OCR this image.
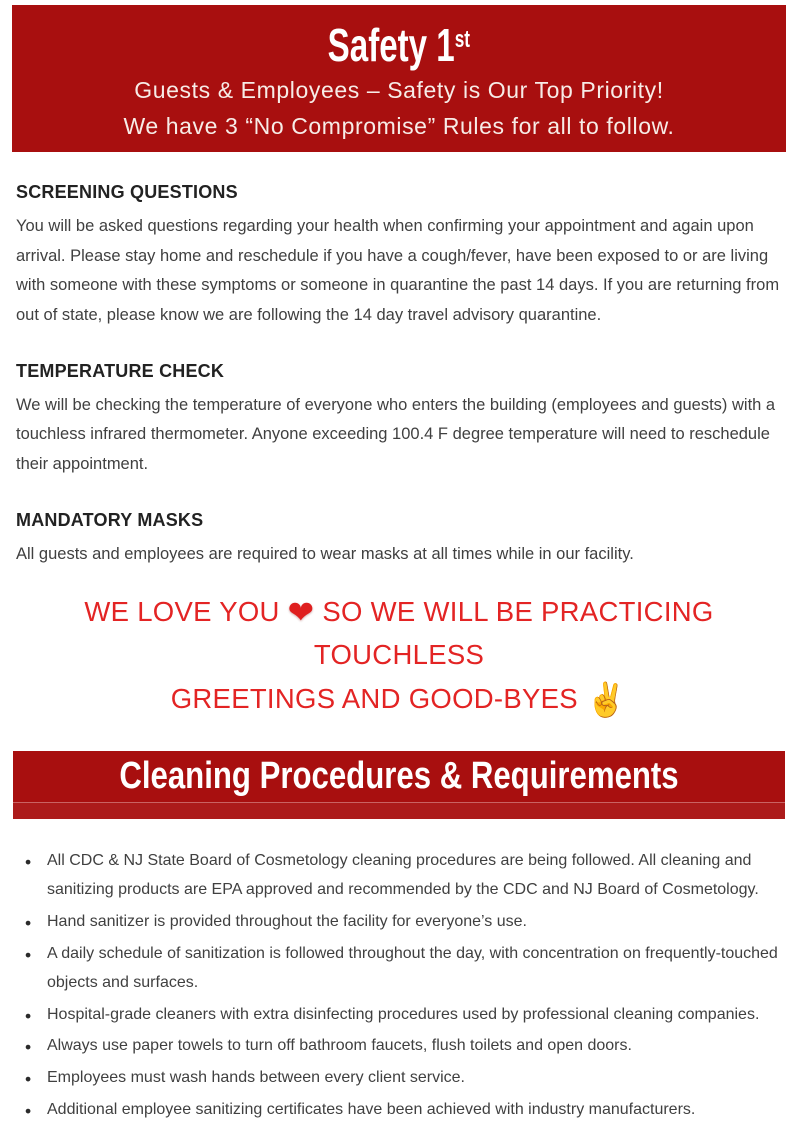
Safety 1st
Guests & Employees – Safety is Our Top Priority!
We have 3 “No Compromise” Rules for all to follow.
SCREENING QUESTIONS

You will be asked questions regarding your health when confirming your appointment and again upon arrival. Please stay home and reschedule if you have a cough/fever, have been exposed to or are living with someone with these symptoms or someone in quarantine the past 14 days. If you are returning from out of state, please know we are following the 14 day travel advisory quarantine.

TEMPERATURE CHECK

We will be checking the temperature of everyone who enters the building (employees and guests) with a touchless infrared thermometer. Anyone exceeding 100.4 F degree temperature will need to reschedule their appointment.

MANDATORY MASKS

All guests and employees are required to wear masks at all times while in our facility.

WE LOVE YOU ❤ SO WE WILL BE PRACTICING TOUCHLESS
GREETINGS AND GOOD-BYES ✌
Cleaning Procedures & Requirements
•
All CDC & NJ State Board of Cosmetology cleaning procedures are being followed. All cleaning and sanitizing products are EPA approved and recommended by the CDC and NJ Board of Cosmetology.
•
Hand sanitizer is provided throughout the facility for everyone’s use.
•
A daily schedule of sanitization is followed throughout the day, with concentration on frequently-touched objects and surfaces.
•
Hospital-grade cleaners with extra disinfecting procedures used by professional cleaning companies.
•
Always use paper towels to turn off bathroom faucets, flush toilets and open doors.
•
Employees must wash hands between every client service.
•
Additional employee sanitizing certificates have been achieved with industry manufacturers.
